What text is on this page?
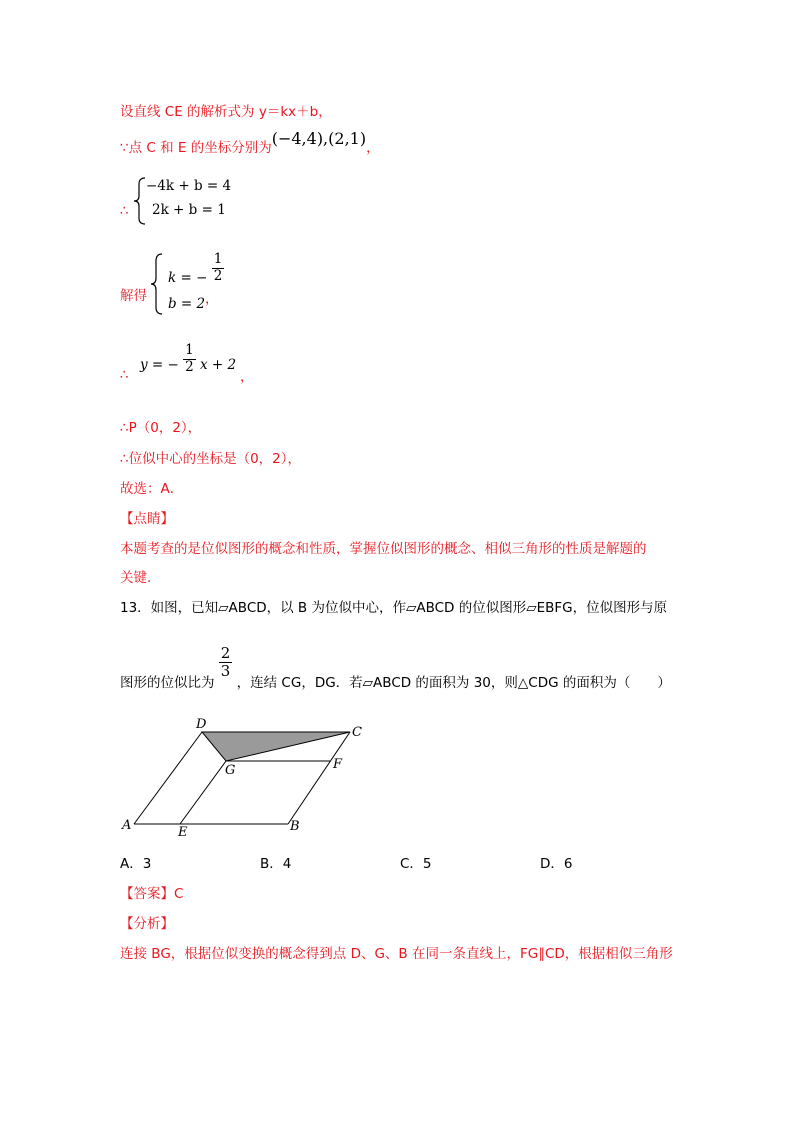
设直线 CE 的解析式为 y＝kx＋b，
∵点 C 和 E 的坐标分别为(−4,4),(2,1)，
∴
−4k + b = 4
2k + b = 1
解得
k = − $\frac{1}{2}$
b = 2 ，
∴
y = − $\frac{1}{2}$ x + 2
，
∴P（0，2），
∴位似中心的坐标是（0，2），
故选：A．
【点睛】
本题考查的是位似图形的概念和性质，掌握位似图形的概念、相似三角形的性质是解题的
关键.
13．如图，已知▱ABCD，以 B 为位似中心，作▱ABCD 的位似图形▱EBFG，位似图形与原
图形的位似比为
$\frac{2}{3}$
，连结 CG，DG．若▱ABCD 的面积为 30，则△CDG 的面积为（　　）
A	B
C
D
E
F
G
A．3	B．4	C．5	D．6
【答案】C
【分析】
连接 BG，根据位似变换的概念得到点 D、G、B 在同一条直线上，FG∥CD，根据相似三角形
